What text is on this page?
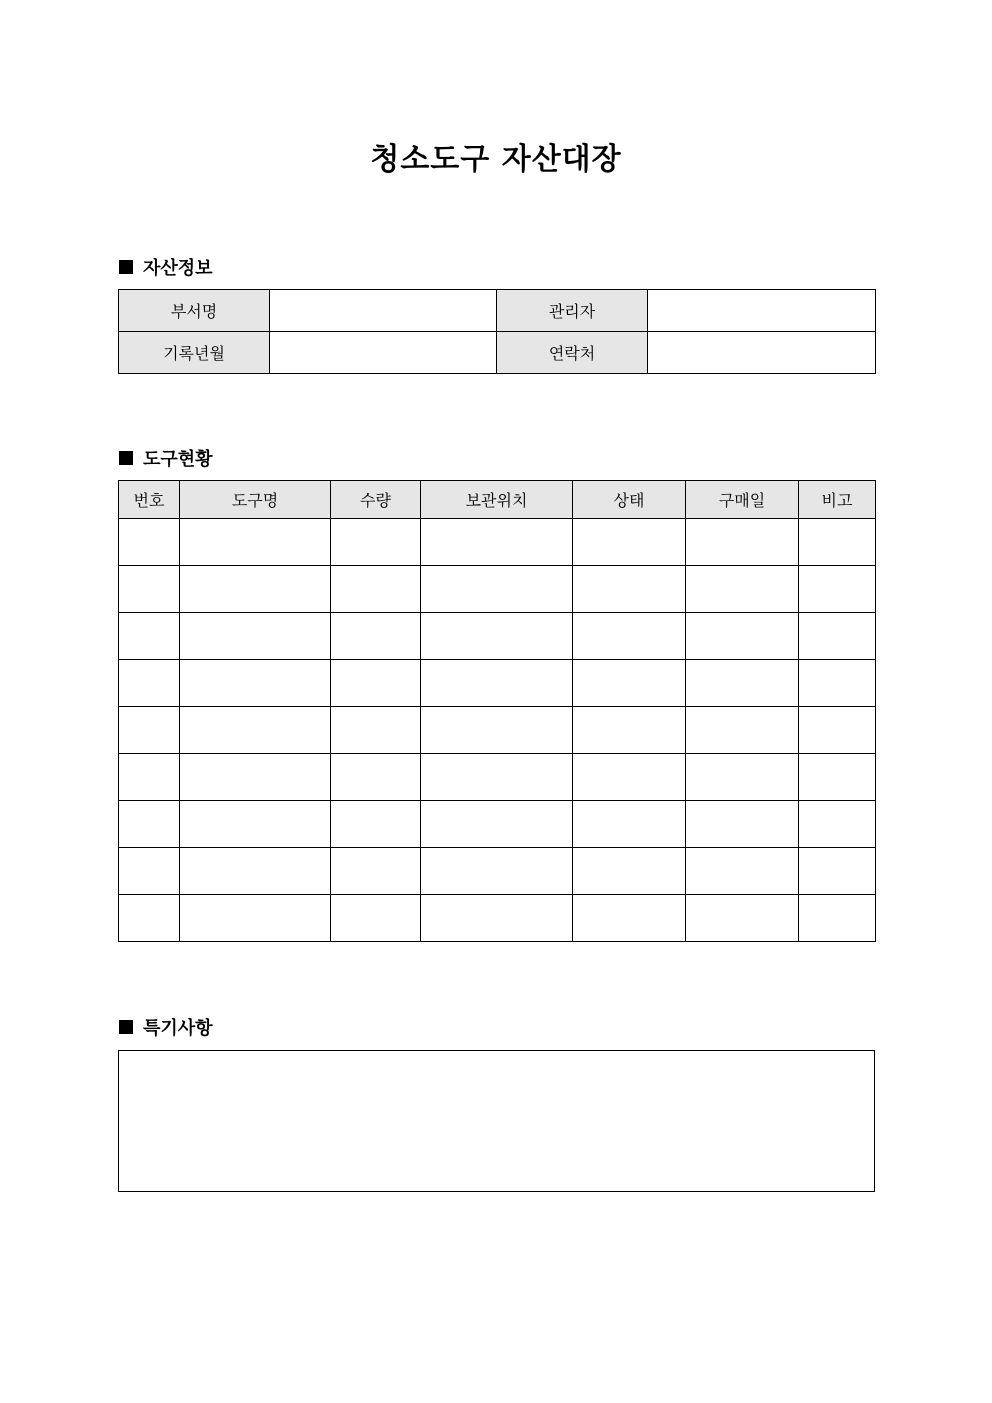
청소도구 자산대장
자산정보
부서명		관리자	
기록년월		연락처	
도구현황
번호	도구명	수량	보관위치	상태	구매일	비고

특기사항
